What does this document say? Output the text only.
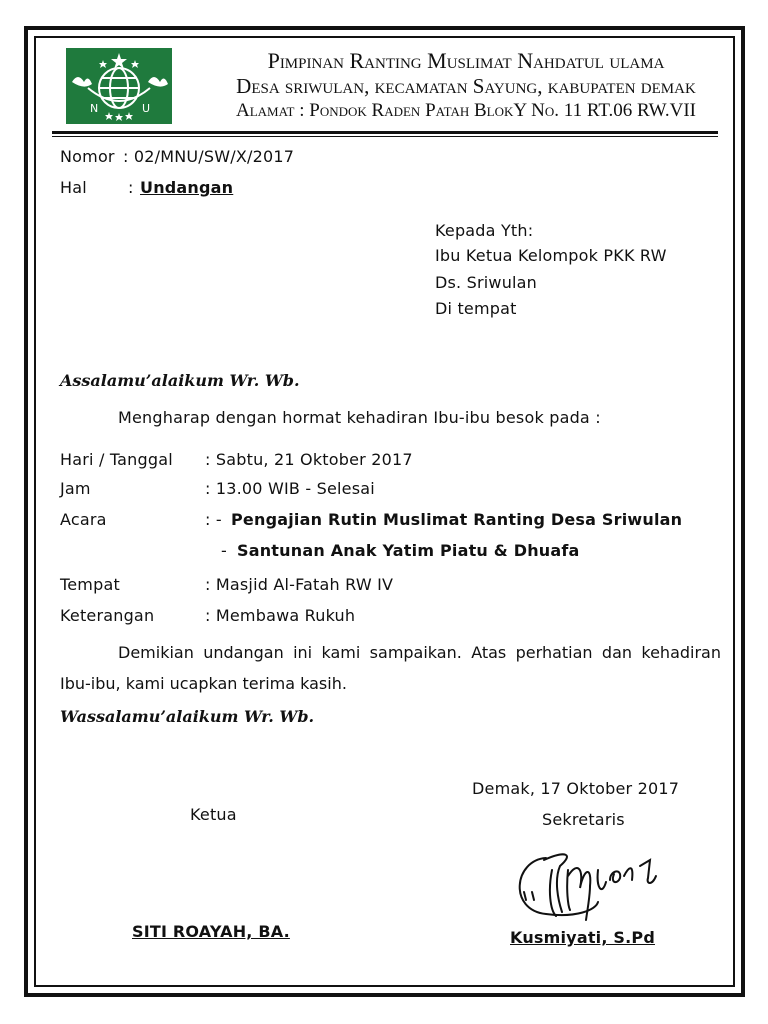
N	U
Pimpinan Ranting Muslimat Nahdatul ulama
Desa sriwulan, kecamatan Sayung, kabupaten demak
Alamat : Pondok Raden Patah BlokY No. 11 RT.06 RW.VII
Nomor : 02/MNU/SW/X/2017
Hal	: Undangan
Kepada Yth:
Ibu Ketua Kelompok PKK RW
Ds. Sriwulan
Di tempat
Assalamu’alaikum Wr. Wb.
Mengharap dengan hormat kehadiran Ibu-ibu besok pada :
Hari / Tanggal : Sabtu, 21 Oktober 2017
Jam	: 13.00 WIB - Selesai
Acara	: - Pengajian Rutin Muslimat Ranting Desa Sriwulan
- Santunan Anak Yatim Piatu & Dhuafa
Tempat	: Masjid Al-Fatah RW IV
Keterangan	: Membawa Rukuh
Demikian undangan ini kami sampaikan. Atas perhatian dan kehadiran Ibu-ibu, kami ucapkan terima kasih.
Wassalamu’alaikum Wr. Wb.
Demak, 17 Oktober 2017
Ketua	Sekretaris
SITI ROAYAH, BA.	Kusmiyati, S.Pd
